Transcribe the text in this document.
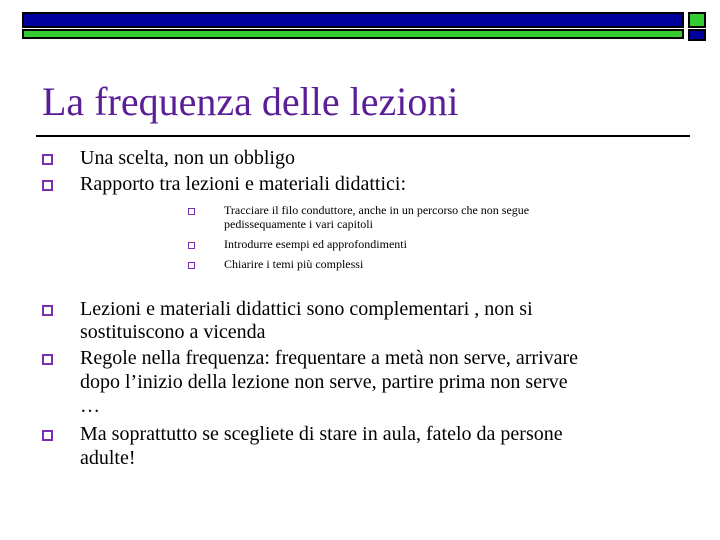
La frequenza delle lezioni
Una scelta, non un obbligo
Rapporto tra lezioni e materiali didattici:
Tracciare il filo conduttore, anche in un percorso che non segue
pedissequamente i vari capitoli
Introdurre esempi ed approfondimenti
Chiarire i temi più complessi
Lezioni e materiali didattici sono complementari , non si
sostituiscono a vicenda
Regole nella frequenza: frequentare a metà non serve, arrivare
dopo l’inizio della lezione non serve, partire prima non serve
…
Ma soprattutto se scegliete di stare in aula, fatelo da persone
adulte!
